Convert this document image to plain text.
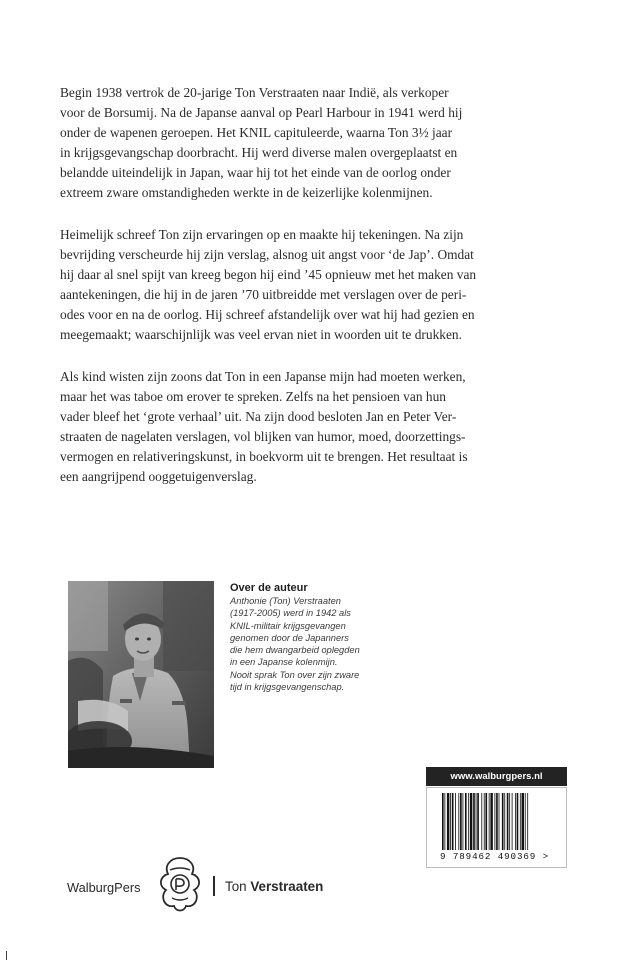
Begin 1938 vertrok de 20-jarige Ton Verstraaten naar Indië, als verkoper
voor de Borsumij. Na de Japanse aanval op Pearl Harbour in 1941 werd hij
onder de wapenen geroepen. Het KNIL capituleerde, waarna Ton 3½ jaar
in krijgsgevangschap doorbracht. Hij werd diverse malen overgeplaatst en
belandde uiteindelijk in Japan, waar hij tot het einde van de oorlog onder
extreem zware omstandigheden werkte in de keizerlijke kolenmijnen.

Heimelijk schreef Ton zijn ervaringen op en maakte hij tekeningen. Na zijn
bevrijding verscheurde hij zijn verslag, alsnog uit angst voor ‘de Jap’. Omdat
hij daar al snel spijt van kreeg begon hij eind ’45 opnieuw met het maken van
aantekeningen, die hij in de jaren ’70 uitbreidde met verslagen over de peri-
odes voor en na de oorlog. Hij schreef afstandelijk over wat hij had gezien en
meegemaakt; waarschijnlijk was veel ervan niet in woorden uit te drukken.

Als kind wisten zijn zoons dat Ton in een Japanse mijn had moeten werken,
maar het was taboe om erover te spreken. Zelfs na het pensioen van hun
vader bleef het ‘grote verhaal’ uit. Na zijn dood besloten Jan en Peter Ver-
straaten de nagelaten verslagen, vol blijken van humor, moed, doorzettings-
vermogen en relativeringskunst, in boekvorm uit te brengen. Het resultaat is
een aangrijpend ooggetuigenverslag.

Over de auteur

Anthonie (Ton) Verstraaten
(1917-2005) werd in 1942 als
KNIL-militair krijgsgevangen
genomen door de Japanners
die hem dwangarbeid oplegden
in een Japanse kolenmijn.
Nooit sprak Ton over zijn zware
tijd in krijgsgevangenschap.

www.walburgpers.nl
9 789462 490369 >
WalburgPers	Ton Verstraaten
